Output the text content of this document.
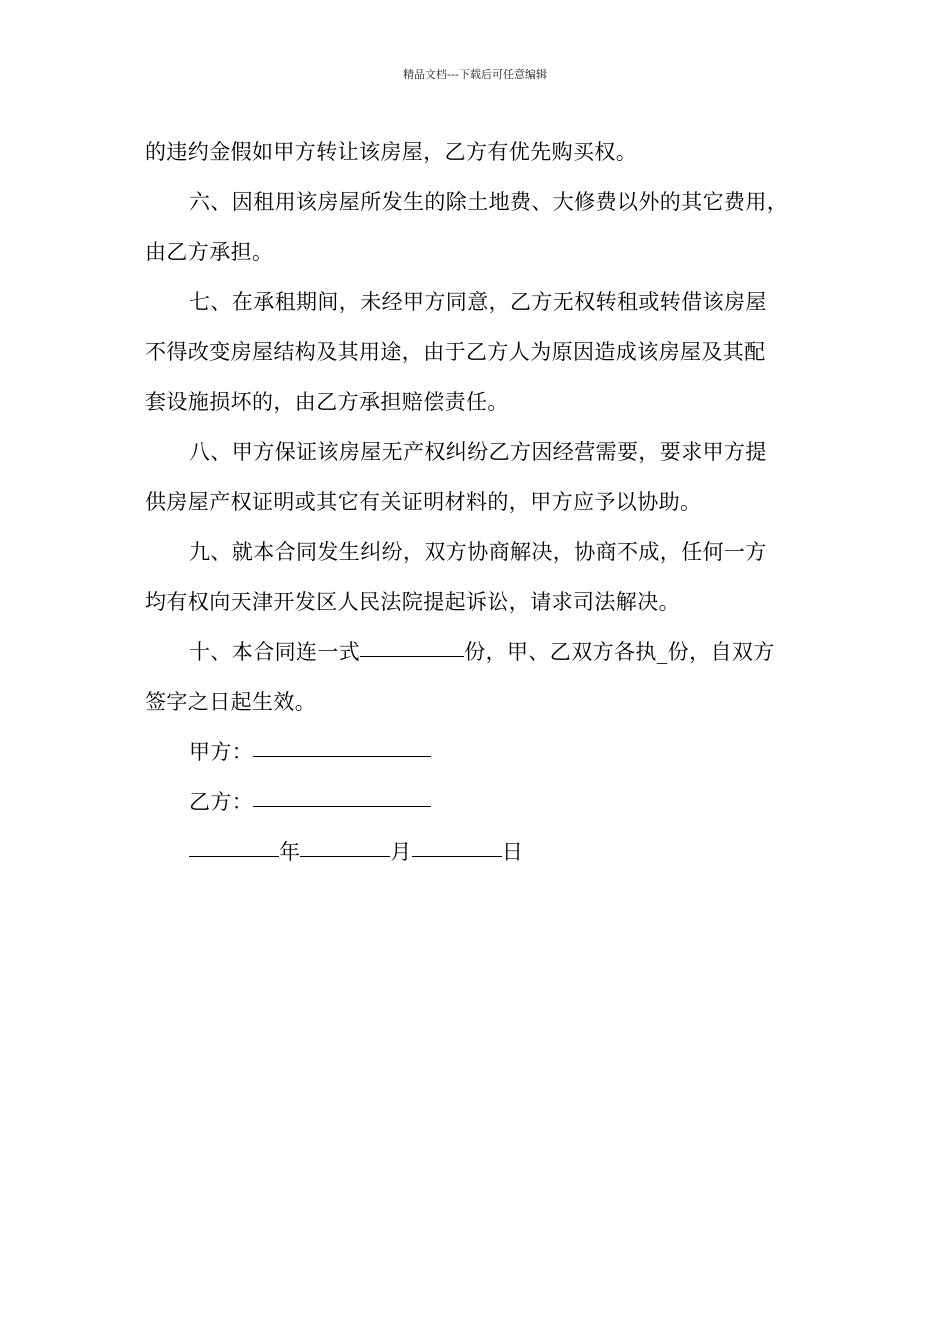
精品文档---下载后可任意编辑
的违约金假如甲方转让该房屋，乙方有优先购买权。
六、因租用该房屋所发生的除土地费、大修费以外的其它费用，
由乙方承担。
七、在承租期间，未经甲方同意，乙方无权转租或转借该房屋
不得改变房屋结构及其用途，由于乙方人为原因造成该房屋及其配
套设施损坏的，由乙方承担赔偿责任。
八、甲方保证该房屋无产权纠纷乙方因经营需要，要求甲方提
供房屋产权证明或其它有关证明材料的，甲方应予以协助。
九、就本合同发生纠纷，双方协商解决，协商不成，任何一方
均有权向天津开发区人民法院提起诉讼，请求司法解决。
十、本合同连一式	份，甲、乙双方各执_份，自双方
签字之日起生效。
甲方：
乙方：
年	月	日
